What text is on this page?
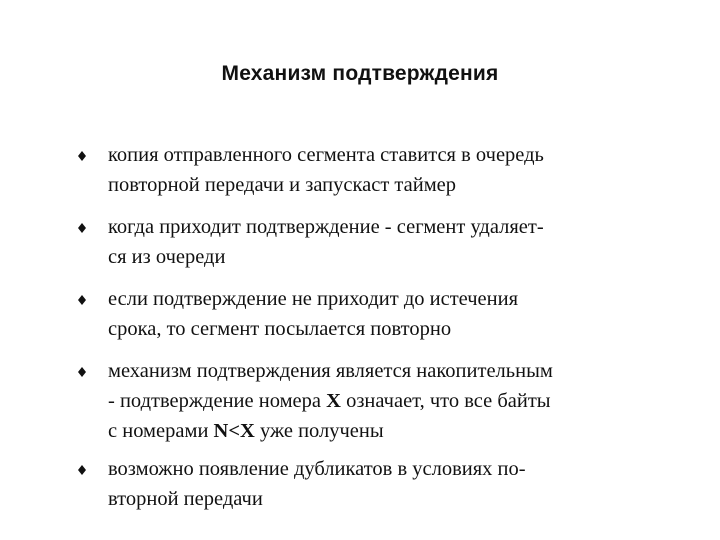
Механизм подтверждения
копия отправленного сегмента ставится в очередь
повторной передачи и запускаст таймер
когда приходит подтверждение - сегмент удаляет-
ся из очереди
если подтверждение не приходит до истечения
срока, то сегмент посылается повторно
механизм подтверждения является накопительным
- подтверждение номера X означает, что все байты
с номерами N<X уже получены
возможно появление дубликатов в условиях по-
вторной передачи
